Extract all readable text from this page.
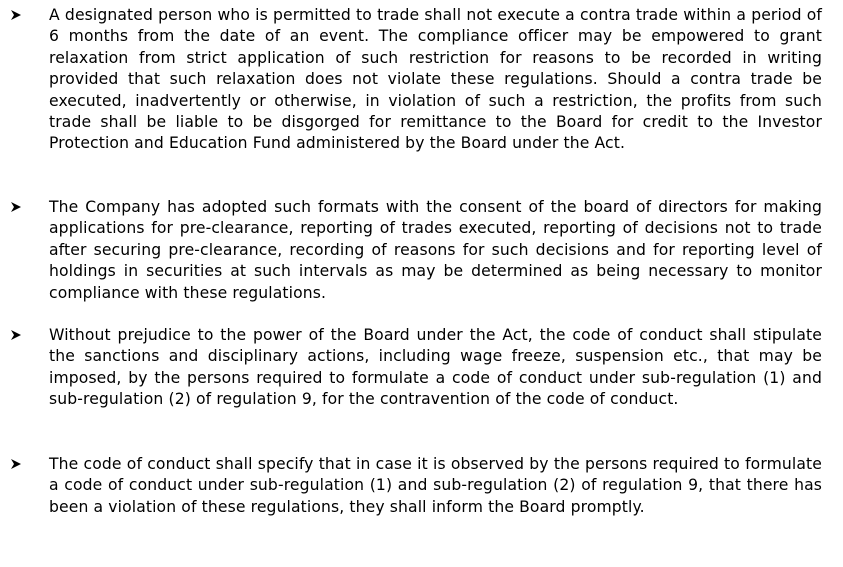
A designated person who is permitted to trade shall not execute a contra trade within a period of 6 months from the date of an event. The compliance officer may be empowered to grant relaxation from strict application of such restriction for reasons to be recorded in writing provided that such relaxation does not violate these regulations. Should a contra trade be executed, inadvertently or otherwise, in violation of such a restriction, the profits from such trade shall be liable to be disgorged for remittance to the Board for credit to the Investor Protection and Education Fund administered by the Board under the Act.

The Company has adopted such formats with the consent of the board of directors for making applications for pre-clearance, reporting of trades executed, reporting of decisions not to trade after securing pre-clearance, recording of reasons for such decisions and for reporting level of holdings in securities at such intervals as may be determined as being necessary to monitor compliance with these regulations.

Without prejudice to the power of the Board under the Act, the code of conduct shall stipulate the sanctions and disciplinary actions, including wage freeze, suspension etc., that may be imposed, by the persons required to formulate a code of conduct under sub-regulation (1) and sub-regulation (2) of regulation 9, for the contravention of the code of conduct.

The code of conduct shall specify that in case it is observed by the persons required to formulate a code of conduct under sub-regulation (1) and sub-regulation (2) of regulation 9, that there has been a violation of these regulations, they shall inform the Board promptly.
